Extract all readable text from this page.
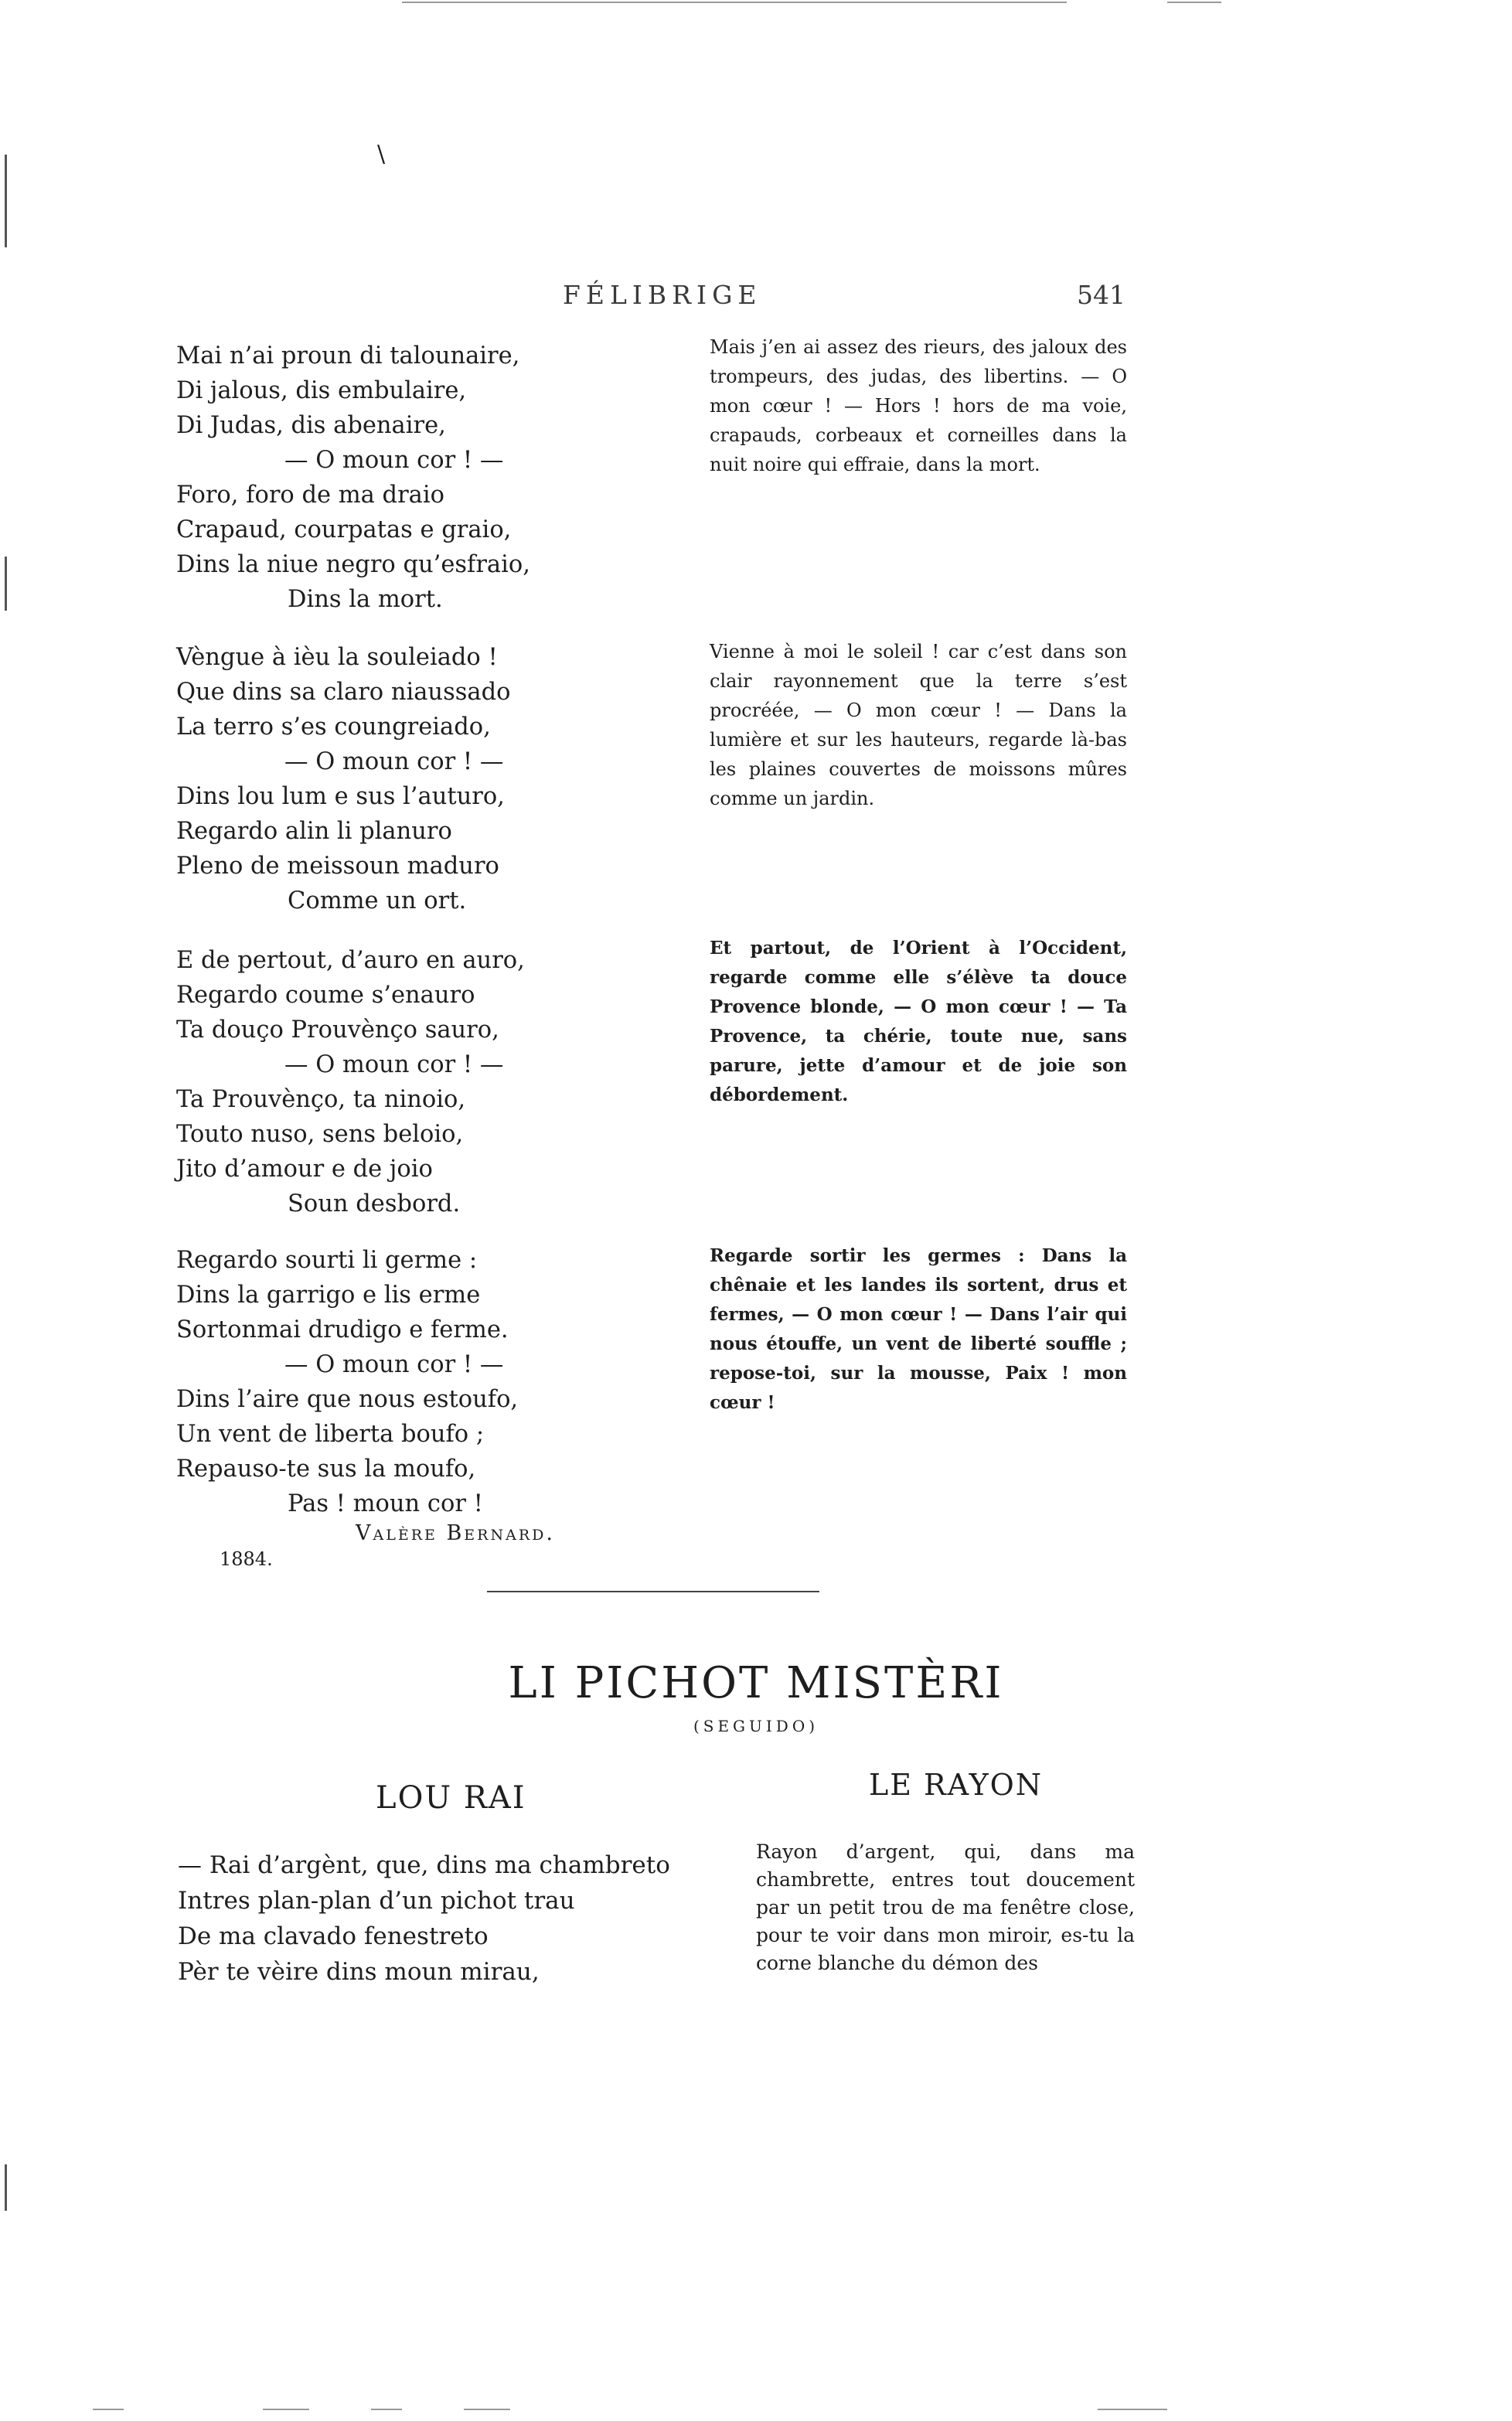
\
FÉLIBRIGE	541
Mai n’ai proun di talounaire,
Di jalous, dis embulaire,
Di Judas, dis abenaire,
— O moun cor ! —
Foro, foro de ma draio
Crapaud, courpatas e graio,
Dins la niue negro qu’esfraio,
Dins la mort.
Mais j’en ai assez des rieurs, des jaloux des trompeurs, des judas, des libertins. — O mon cœur ! — Hors ! hors de ma voie, crapauds, corbeaux et corneilles dans la nuit noire qui effraie, dans la mort.
Vèngue à ièu la souleiado !
Que dins sa claro niaussado
La terro s’es coungreiado,
— O moun cor ! —
Dins lou lum e sus l’auturo,
Regardo alin li planuro
Pleno de meissoun maduro
Comme un ort.
Vienne à moi le soleil ! car c’est dans son clair rayonnement que la terre s’est procréée, — O mon cœur ! — Dans la lumière et sur les hauteurs, regarde là-bas les plaines couvertes de moissons mûres comme un jardin.
E de pertout, d’auro en auro,
Regardo coume s’enauro
Ta douço Prouvènço sauro,
— O moun cor ! —
Ta Prouvènço, ta ninoio,
Touto nuso, sens beloio,
Jito d’amour e de joio
Soun desbord.
Et partout, de l’Orient à l’Occident, regarde comme elle s’élève ta douce Provence blonde, — O mon cœur ! — Ta Provence, ta chérie, toute nue, sans parure, jette d’amour et de joie son débordement.
Regardo sourti li germe :
Dins la garrigo e lis erme
Sortonmai drudigo e ferme.
— O moun cor ! —
Dins l’aire que nous estoufo,
Un vent de liberta boufo ;
Repauso-te sus la moufo,
Pas ! moun cor !
Regarde sortir les germes : Dans la chênaie et les landes ils sortent, drus et fermes, — O mon cœur ! — Dans l’air qui nous étouffe, un vent de liberté souffle ; repose-toi, sur la mousse, Paix ! mon cœur !
Valère Bernard.
1884.
LI PICHOT MISTÈRI
(SEGUIDO)
LOU RAI	LE RAYON
— Rai d’argènt, que, dins ma chambreto
Intres plan-plan d’un pichot trau
De ma clavado fenestreto
Pèr te vèire dins moun mirau,
Rayon d’argent, qui, dans ma chambrette, entres tout doucement par un petit trou de ma fenêtre close, pour te voir dans mon miroir, es-tu la corne blanche du démon des
